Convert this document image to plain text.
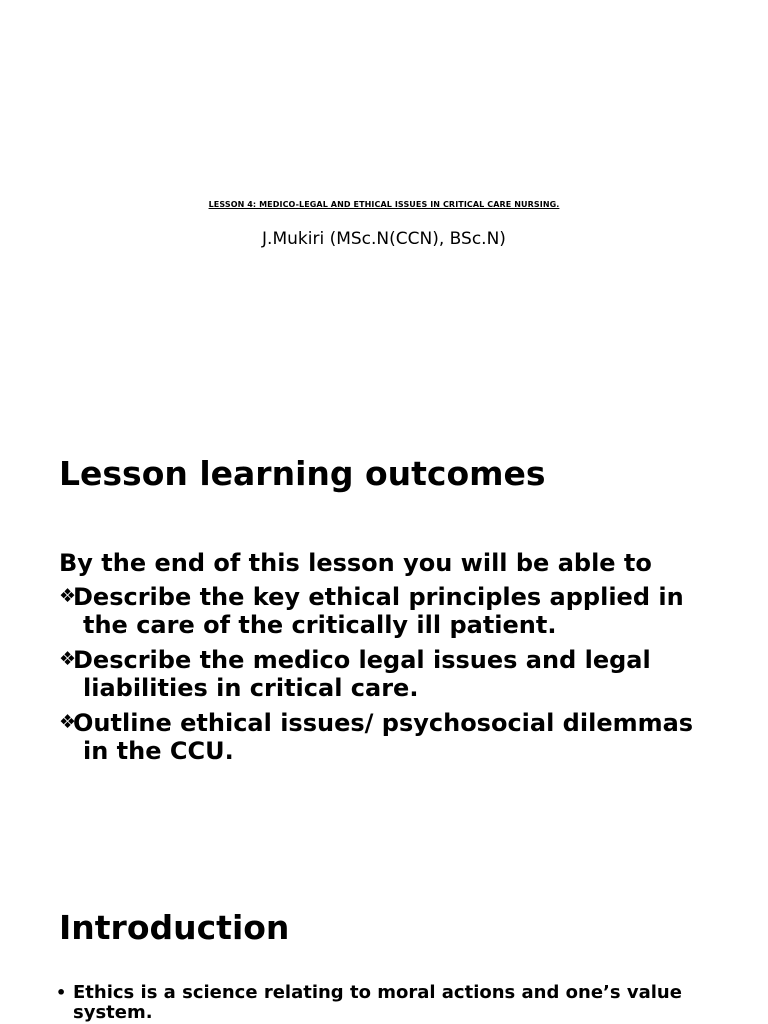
LESSON 4: MEDICO-LEGAL AND ETHICAL ISSUES IN CRITICAL CARE NURSING.
J.Mukiri (MSc.N(CCN), BSc.N)
Lesson learning outcomes

By the end of this lesson you will be able to

❖
Describe the key ethical principles applied in the care of the critically ill patient.
❖
Describe the medico legal issues and legal liabilities in critical care.
❖
Outline ethical issues/ psychosocial dilemmas in the CCU.
Introduction
• Ethics is a science relating to moral actions and one’s value system.
